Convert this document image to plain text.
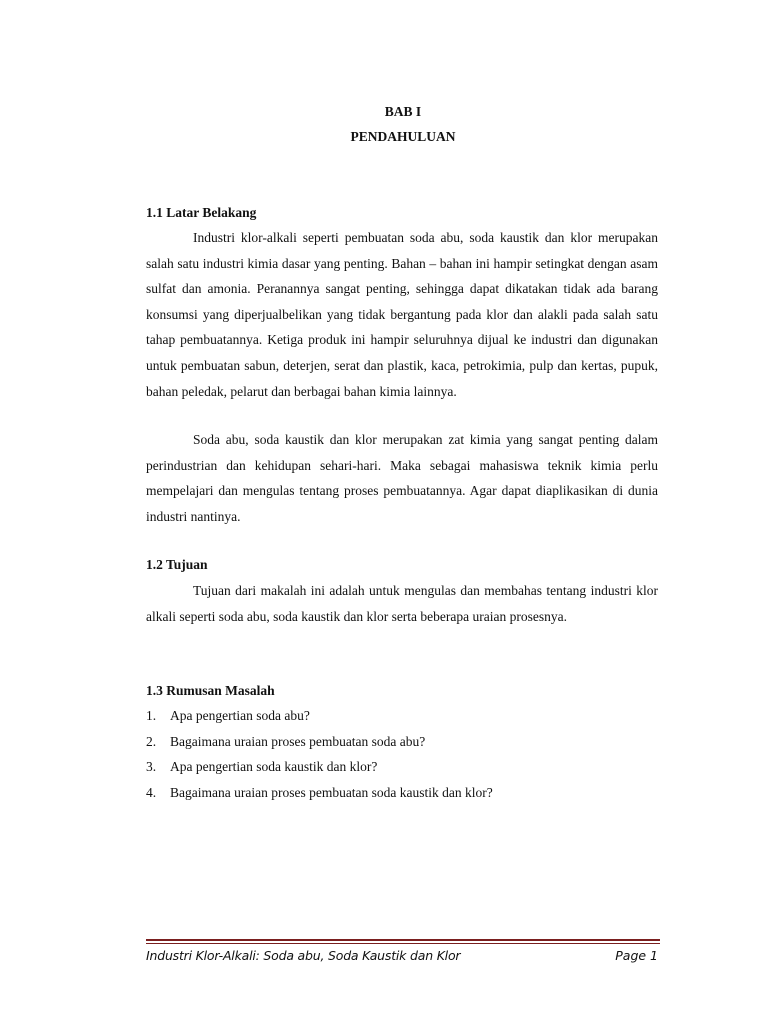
BAB I
PENDAHULUAN
1.1 Latar Belakang

Industri klor-alkali seperti pembuatan soda abu, soda kaustik dan klor merupakan salah satu industri kimia dasar yang penting. Bahan – bahan ini hampir setingkat dengan asam sulfat dan amonia. Peranannya sangat penting, sehingga dapat dikatakan tidak ada barang konsumsi yang diperjualbelikan yang tidak bergantung pada klor dan alakli pada salah satu tahap pembuatannya. Ketiga produk ini hampir seluruhnya dijual ke industri dan digunakan untuk pembuatan sabun, deterjen, serat dan plastik, kaca, petrokimia, pulp dan kertas, pupuk, bahan peledak, pelarut dan berbagai bahan kimia lainnya.

Soda abu, soda kaustik dan klor merupakan zat kimia yang sangat penting dalam perindustrian dan kehidupan sehari-hari. Maka sebagai mahasiswa teknik kimia perlu mempelajari dan mengulas tentang proses pembuatannya. Agar dapat diaplikasikan di dunia industri nantinya.

1.2 Tujuan

Tujuan dari makalah ini adalah untuk mengulas dan membahas tentang industri klor alkali seperti soda abu, soda kaustik dan klor serta beberapa uraian prosesnya.

1.3 Rumusan Masalah
1.	Apa pengertian soda abu?
2.	Bagaimana uraian proses pembuatan soda abu?
3.	Apa pengertian soda kaustik dan klor?
4.	Bagaimana uraian proses pembuatan soda kaustik dan klor?
Industri Klor-Alkali: Soda abu, Soda Kaustik dan Klor	Page 1
